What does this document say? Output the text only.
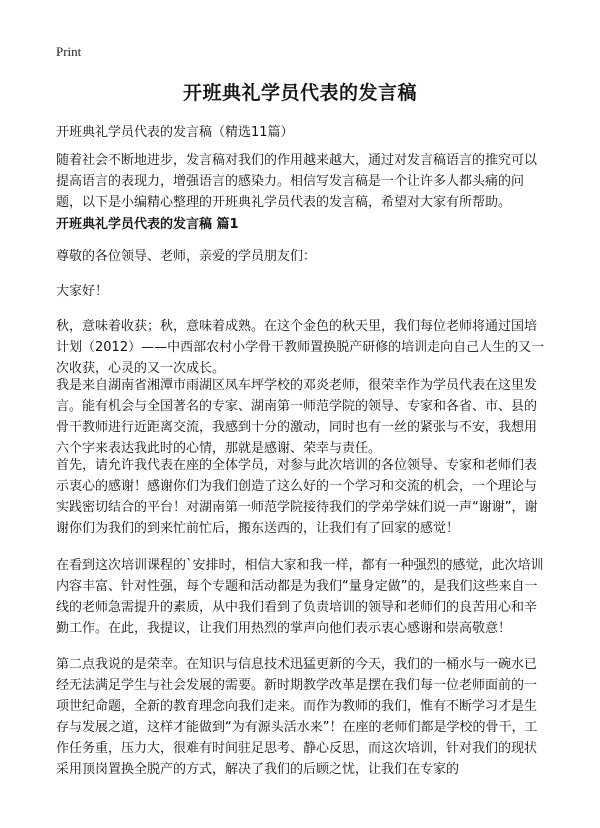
Print
开班典礼学员代表的发言稿
开班典礼学员代表的发言稿（精选11篇）

随着社会不断地进步，发言稿对我们的作用越来越大，通过对发言稿语言的推究可以提高语言的表现力，增强语言的感染力。相信写发言稿是一个让许多人都头痛的问题，以下是小编精心整理的开班典礼学员代表的发言稿，希望对大家有所帮助。

开班典礼学员代表的发言稿 篇1

尊敬的各位领导、老师，亲爱的学员朋友们：

大家好！

秋，意味着收获；秋，意味着成熟。在这个金色的秋天里，我们每位老师将通过国培计划（2012）——中西部农村小学骨干教师置换脱产研修的培训走向自己人生的又一次收获，心灵的又一次成长。

我是来自湖南省湘潭市雨湖区凤车坪学校的邓炎老师，很荣幸作为学员代表在这里发言。能有机会与全国著名的专家、湖南第一师范学院的领导、专家和各省、市、县的骨干教师进行近距离交流，我感到十分的激动，同时也有一丝的紧张与不安，我想用六个字来表达我此时的心情，那就是感谢、荣幸与责任。

首先，请允许我代表在座的全体学员，对参与此次培训的各位领导、专家和老师们表示衷心的感谢！感谢你们为我们创造了这么好的一个学习和交流的机会，一个理论与实践密切结合的平台！对湖南第一师范学院接待我们的学弟学妹们说一声“谢谢”，谢谢你们为我们的到来忙前忙后，搬东送西的，让我们有了回家的感觉！

在看到这次培训课程的`安排时，相信大家和我一样，都有一种强烈的感觉，此次培训内容丰富、针对性强，每个专题和活动都是为我们“量身定做”的，是我们这些来自一线的老师急需提升的素质，从中我们看到了负责培训的领导和老师们的良苦用心和辛勤工作。在此，我提议，让我们用热烈的掌声向他们表示衷心感谢和崇高敬意！

第二点我说的是荣幸。在知识与信息技术迅猛更新的今天，我们的一桶水与一碗水已经无法满足学生与社会发展的需要。新时期教学改革是摆在我们每一位老师面前的一项世纪命题，全新的教育理念向我们走来。而作为教师的我们，惟有不断学习才是生存与发展之道，这样才能做到“为有源头活水来”！在座的老师们都是学校的骨干，工作任务重，压力大，很难有时间驻足思考、静心反思，而这次培训，针对我们的现状采用顶岗置换全脱产的方式，解决了我们的后顾之忧，让我们在专家的
